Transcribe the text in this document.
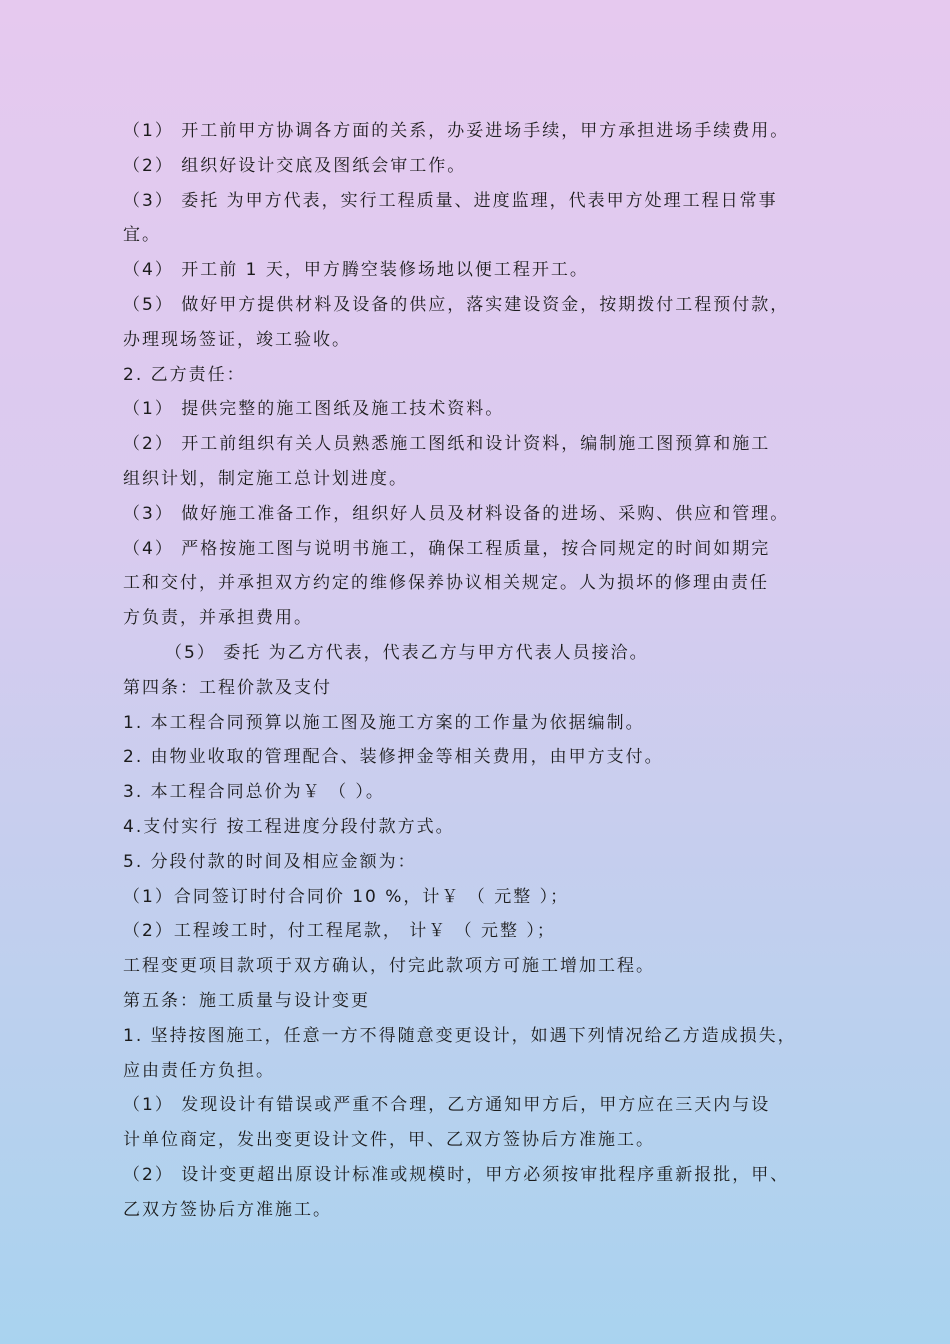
（1） 开工前甲方协调各方面的关系，办妥进场手续，甲方承担进场手续费用。
（2） 组织好设计交底及图纸会审工作。
（3） 委托 为甲方代表，实行工程质量、进度监理，代表甲方处理工程日常事
宜。
（4） 开工前 1 天，甲方腾空装修场地以便工程开工。
（5） 做好甲方提供材料及设备的供应，落实建设资金，按期拨付工程预付款，
办理现场签证，竣工验收。
2. 乙方责任：
（1） 提供完整的施工图纸及施工技术资料。
（2） 开工前组织有关人员熟悉施工图纸和设计资料，编制施工图预算和施工
组织计划，制定施工总计划进度。
（3） 做好施工准备工作，组织好人员及材料设备的进场、采购、供应和管理。
（4） 严格按施工图与说明书施工，确保工程质量，按合同规定的时间如期完
工和交付，并承担双方约定的维修保养协议相关规定。人为损坏的修理由责任
方负责，并承担费用。
（5） 委托 为乙方代表，代表乙方与甲方代表人员接洽。
第四条：工程价款及支付
1. 本工程合同预算以施工图及施工方案的工作量为依据编制。
2. 由物业收取的管理配合、装修押金等相关费用，由甲方支付。
3. 本工程合同总价为￥ （ ）。
4.支付实行 按工程进度分段付款方式。
5. 分段付款的时间及相应金额为：
（1）合同签订时付合同价 10 %，计￥ （ 元整 ）；
（2）工程竣工时，付工程尾款， 计￥ （ 元整 ）；
工程变更项目款项于双方确认，付完此款项方可施工增加工程。
第五条：施工质量与设计变更
1. 坚持按图施工，任意一方不得随意变更设计，如遇下列情况给乙方造成损失，
应由责任方负担。
（1） 发现设计有错误或严重不合理，乙方通知甲方后，甲方应在三天内与设
计单位商定，发出变更设计文件，甲、乙双方签协后方准施工。
（2） 设计变更超出原设计标准或规模时，甲方必须按审批程序重新报批，甲、
乙双方签协后方准施工。
